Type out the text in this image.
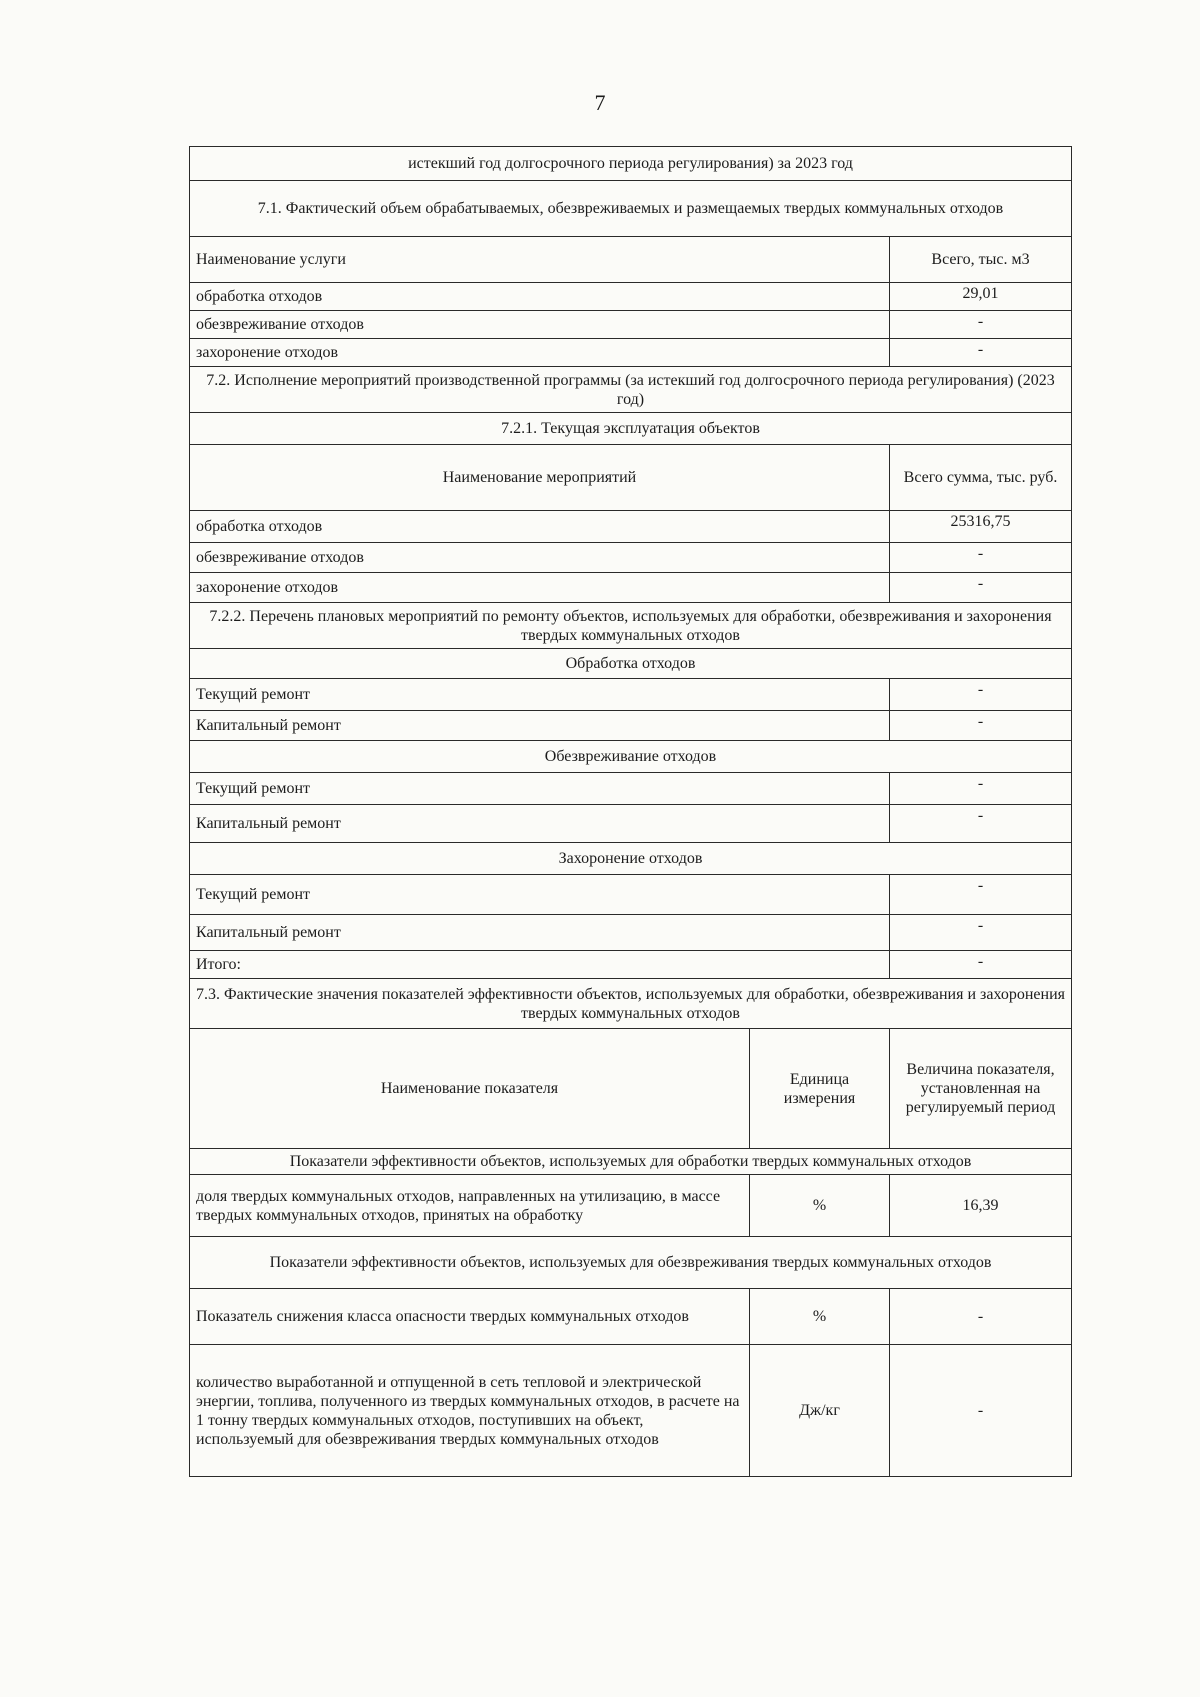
7
истекший год долгосрочного периода регулирования) за 2023 год		
7.1. Фактический объем обрабатываемых, обезвреживаемых и размещаемых твердых коммунальных отходов		
Наименование услуги		Всего, тыс. м3
обработка отходов		29,01
обезвреживание отходов		-
захоронение отходов		-
7.2. Исполнение мероприятий производственной программы (за истекший год долгосрочного периода регулирования) (2023 год)		
7.2.1. Текущая эксплуатация объектов		
Наименование мероприятий		Всего сумма, тыс. руб.
обработка отходов		25316,75
обезвреживание отходов		-
захоронение отходов		-
7.2.2. Перечень плановых мероприятий по ремонту объектов, используемых для обработки, обезвреживания и захоронения твердых коммунальных отходов		
Обработка отходов		
Текущий ремонт		-
Капитальный ремонт		-
Обезвреживание отходов		
Текущий ремонт		-
Капитальный ремонт		-
Захоронение отходов		
Текущий ремонт		-
Капитальный ремонт		-
Итого:		-
7.3. Фактические значения показателей эффективности объектов, используемых для обработки, обезвреживания и захоронения твердых коммунальных отходов		
Наименование показателя	Единица измерения	Величина показателя, установленная на регулируемый период
Показатели эффективности объектов, используемых для обработки твердых коммунальных отходов		
доля твердых коммунальных отходов, направленных на утилизацию, в массе твердых коммунальных отходов, принятых на обработку	%	16,39
Показатели эффективности объектов, используемых для обезвреживания твердых коммунальных отходов		
Показатель снижения класса опасности твердых коммунальных отходов	%	-
количество выработанной и отпущенной в сеть тепловой и электрической энергии, топлива, полученного из твердых коммунальных отходов, в расчете на 1 тонну твердых коммунальных отходов, поступивших на объект, используемый для обезвреживания твердых коммунальных отходов	Дж/кг	-
